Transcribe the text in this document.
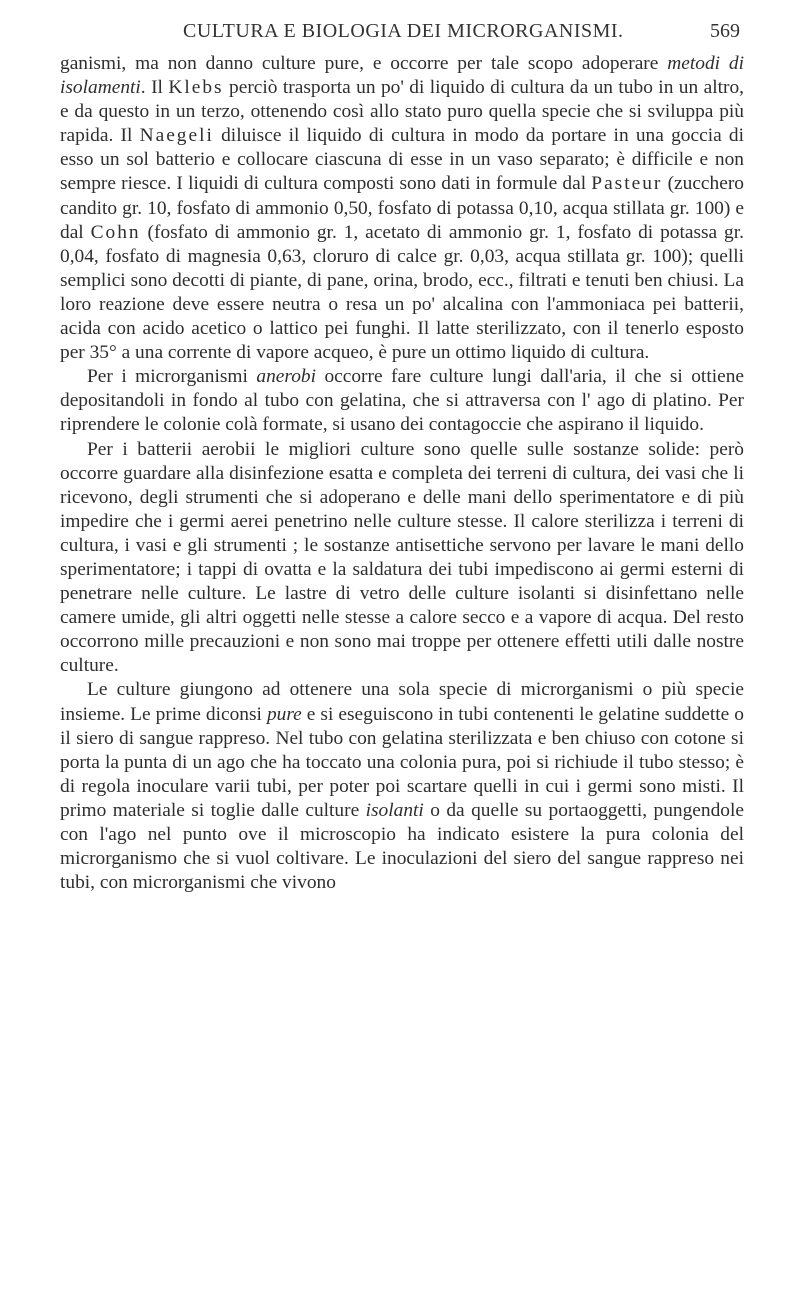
CULTURA E BIOLOGIA DEI MICRORGANISMI.	569

ganismi, ma non danno culture pure, e occorre per tale scopo adoperare metodi di isolamenti. Il Klebs perciò trasporta un po' di liquido di cultura da un tubo in un altro, e da questo in un terzo, ottenendo così allo stato puro quella specie che si sviluppa più rapida. Il Naegeli diluisce il liquido di cultura in modo da portare in una goccia di esso un sol batterio e collocare ciascuna di esse in un vaso separato; è difficile e non sempre riesce. I liquidi di cultura composti sono dati in formule dal Pasteur (zucchero candito gr. 10, fosfato di ammonio 0,50, fosfato di potassa 0,10, acqua stillata gr. 100) e dal Cohn (fosfato di ammonio gr. 1, acetato di ammonio gr. 1, fosfato di potassa gr. 0,04, fosfato di magnesia 0,63, cloruro di calce gr. 0,03, acqua stillata gr. 100); quelli semplici sono decotti di piante, di pane, orina, brodo, ecc., filtrati e tenuti ben chiusi. La loro reazione deve essere neutra o resa un po' alcalina con l'ammoniaca pei batterii, acida con acido acetico o lattico pei funghi. Il latte sterilizzato, con il tenerlo esposto per 35° a una corrente di vapore acqueo, è pure un ottimo liquido di cultura.

Per i microrganismi anerobi occorre fare culture lungi dall'aria, il che si ottiene depositandoli in fondo al tubo con gelatina, che si attraversa con l' ago di platino. Per riprendere le colonie colà formate, si usano dei contagoccie che aspirano il liquido.

Per i batterii aerobii le migliori culture sono quelle sulle sostanze solide: però occorre guardare alla disinfezione esatta e completa dei terreni di cultura, dei vasi che li ricevono, degli strumenti che si adoperano e delle mani dello sperimentatore e di più impedire che i germi aerei penetrino nelle culture stesse. Il calore sterilizza i terreni di cultura, i vasi e gli strumenti ; le sostanze antisettiche servono per lavare le mani dello sperimentatore; i tappi di ovatta e la saldatura dei tubi impediscono ai germi esterni di penetrare nelle culture. Le lastre di vetro delle culture isolanti si disinfettano nelle camere umide, gli altri oggetti nelle stesse a calore secco e a vapore di acqua. Del resto occorrono mille precauzioni e non sono mai troppe per ottenere effetti utili dalle nostre culture.

Le culture giungono ad ottenere una sola specie di microrganismi o più specie insieme. Le prime diconsi pure e si eseguiscono in tubi contenenti le gelatine suddette o il siero di sangue rappreso. Nel tubo con gelatina sterilizzata e ben chiuso con cotone si porta la punta di un ago che ha toccato una colonia pura, poi si richiude il tubo stesso; è di regola inoculare varii tubi, per poter poi scartare quelli in cui i germi sono misti. Il primo materiale si toglie dalle culture isolanti o da quelle su portaoggetti, pungendole con l'ago nel punto ove il microscopio ha indicato esistere la pura colonia del microrganismo che si vuol coltivare. Le inoculazioni del siero del sangue rappreso nei tubi, con microrganismi che vivono
